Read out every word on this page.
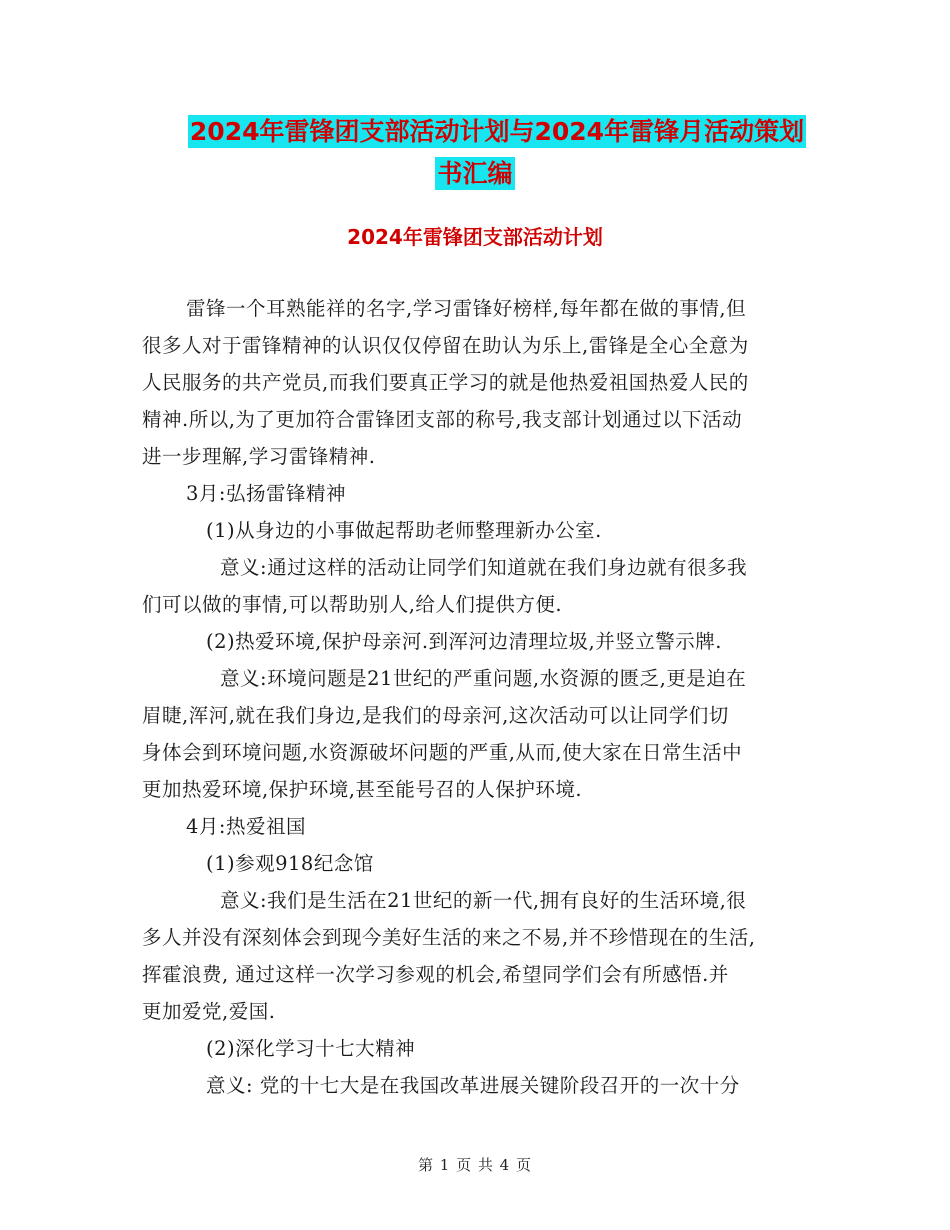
2024年雷锋团支部活动计划与2024年雷锋月活动策划
书汇编
2024年雷锋团支部活动计划
雷锋一个耳熟能祥的名字,学习雷锋好榜样,每年都在做的事情,但
很多人对于雷锋精神的认识仅仅停留在助认为乐上,雷锋是全心全意为
人民服务的共产党员,而我们要真正学习的就是他热爱祖国热爱人民的
精神.所以,为了更加符合雷锋团支部的称号,我支部计划通过以下活动
进一步理解,学习雷锋精神.
3月:弘扬雷锋精神
(1)从身边的小事做起帮助老师整理新办公室.
意义:通过这样的活动让同学们知道就在我们身边就有很多我
们可以做的事情,可以帮助别人,给人们提供方便.
(2)热爱环境,保护母亲河.到浑河边清理垃圾,并竖立警示牌.
意义:环境问题是21世纪的严重问题,水资源的匮乏,更是迫在
眉睫,浑河,就在我们身边,是我们的母亲河,这次活动可以让同学们切
身体会到环境问题,水资源破坏问题的严重,从而,使大家在日常生活中
更加热爱环境,保护环境,甚至能号召的人保护环境.
4月:热爱祖国
(1)参观918纪念馆
意义:我们是生活在21世纪的新一代,拥有良好的生活环境,很
多人并没有深刻体会到现今美好生活的来之不易,并不珍惜现在的生活,
挥霍浪费, 通过这样一次学习参观的机会,希望同学们会有所感悟.并
更加爱党,爱国.
(2)深化学习十七大精神
意义: 党的十七大是在我国改革进展关键阶段召开的一次十分
第 1 页 共 4 页
